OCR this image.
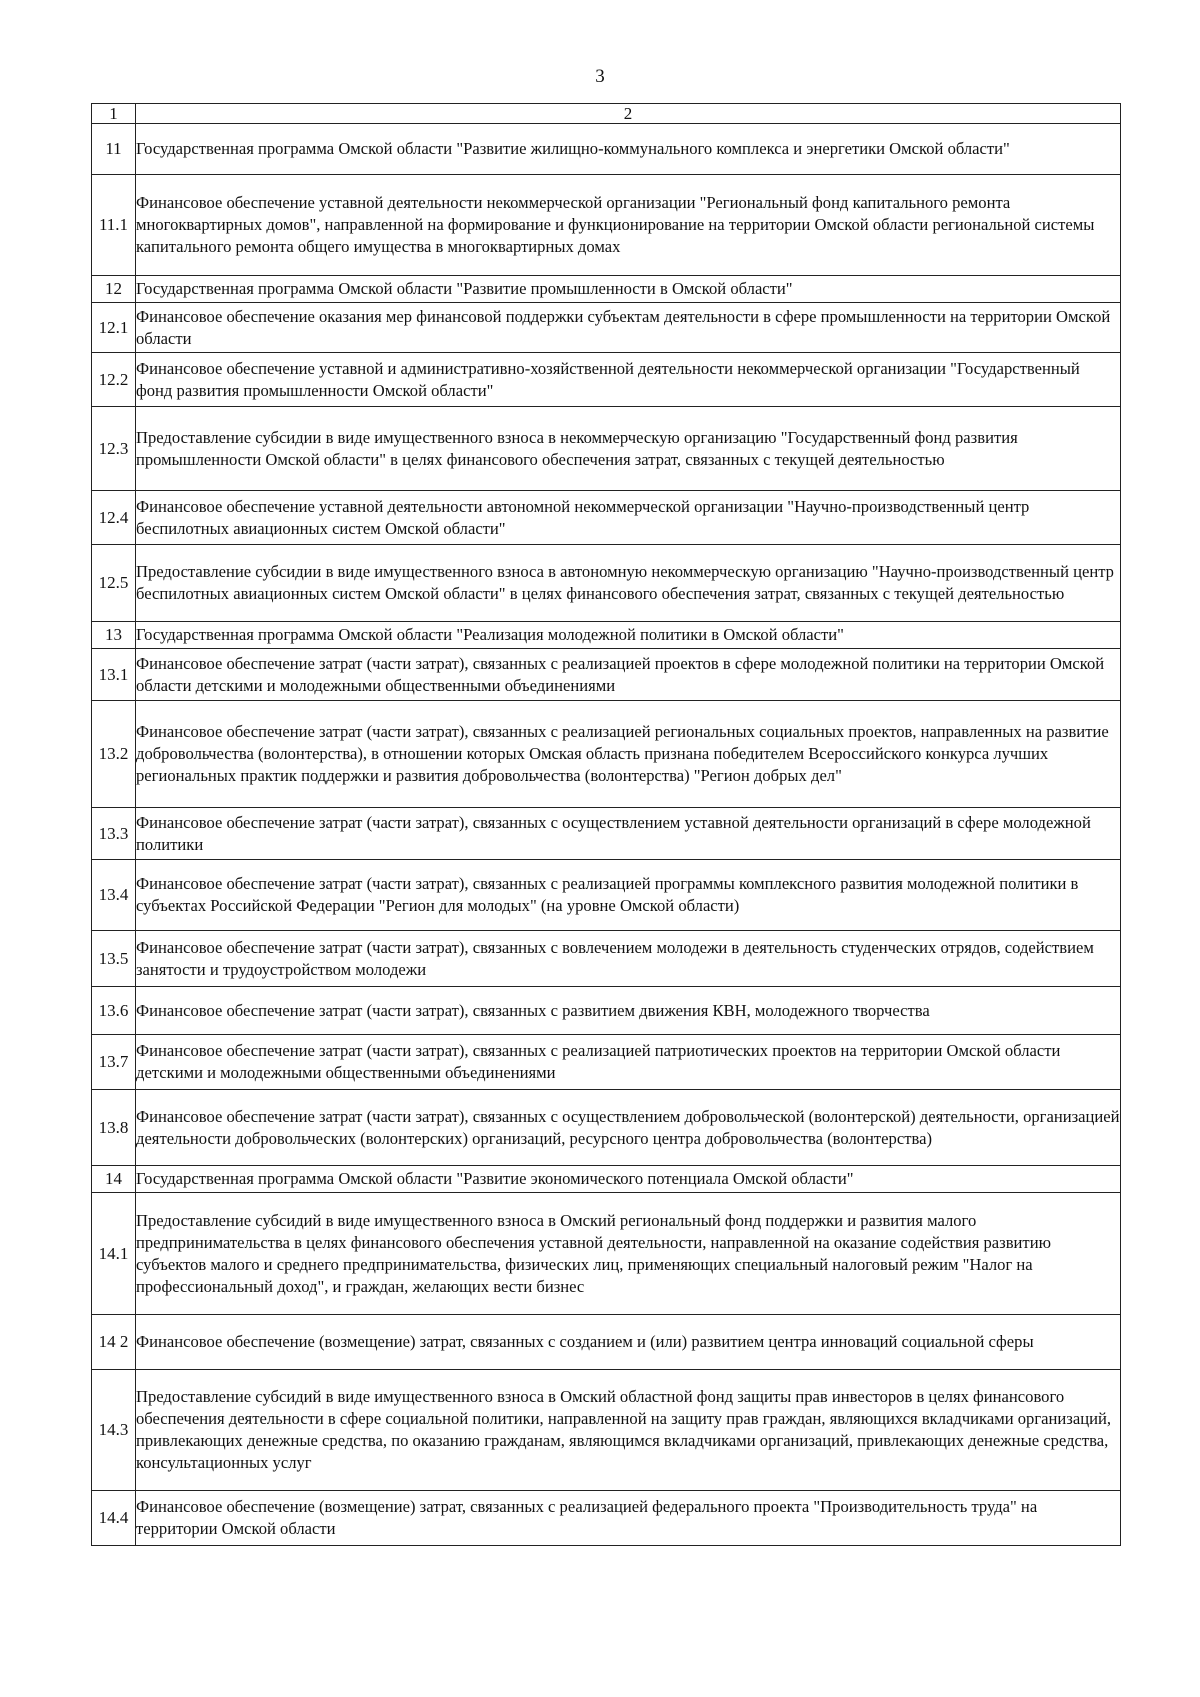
3
1	2
11	Государственная программа Омской области "Развитие жилищно-коммунального комплекса и энергетики Омской области"

11.1	Финансовое обеспечение уставной деятельности некоммерческой организации "Региональный фонд капитального ремонта многоквартирных домов", направленной на формирование и функционирование на территории Омской области региональной системы капитального ремонта общего имущества в многоквартирных домах

12	Государственная программа Омской области "Развитие промышленности в Омской области"

12.1	Финансовое обеспечение оказания мер финансовой поддержки субъектам деятельности в сфере промышленности на территории Омской области

12.2	Финансовое обеспечение уставной и административно-хозяйственной деятельности некоммерческой организации "Государственный фонд развития промышленности Омской области"

12.3	Предоставление субсидии в виде имущественного взноса в некоммерческую организацию "Государственный фонд развития промышленности Омской области" в целях финансового обеспечения затрат, связанных с текущей деятельностью

12.4	Финансовое обеспечение уставной деятельности автономной некоммерческой организации "Научно-производственный центр беспилотных авиационных систем Омской области"

12.5	Предоставление субсидии в виде имущественного взноса в автономную некоммерческую организацию "Научно-производственный центр беспилотных авиационных систем Омской области" в целях финансового обеспечения затрат, связанных с текущей деятельностью

13	Государственная программа Омской области "Реализация молодежной политики в Омской области"

13.1	Финансовое обеспечение затрат (части затрат), связанных с реализацией проектов в сфере молодежной политики на территории Омской области детскими и молодежными общественными объединениями

13.2	Финансовое обеспечение затрат (части затрат), связанных с реализацией региональных социальных проектов, направленных на развитие добровольчества (волонтерства), в отношении которых Омская область признана победителем Всероссийского конкурса лучших региональных практик поддержки и развития добровольчества (волонтерства) "Регион добрых дел"

13.3	Финансовое обеспечение затрат (части затрат), связанных с осуществлением уставной деятельности организаций в сфере молодежной политики

13.4	Финансовое обеспечение затрат (части затрат), связанных с реализацией программы комплексного развития молодежной политики в субъектах Российской Федерации "Регион для молодых" (на уровне Омской области)

13.5	Финансовое обеспечение затрат (части затрат), связанных с вовлечением молодежи в деятельность студенческих отрядов, содействием занятости и трудоустройством молодежи

13.6	Финансовое обеспечение затрат (части затрат), связанных с развитием движения КВН, молодежного творчества

13.7	Финансовое обеспечение затрат (части затрат), связанных с реализацией патриотических проектов на территории Омской области детскими и молодежными общественными объединениями

13.8	Финансовое обеспечение затрат (части затрат), связанных с осуществлением добровольческой (волонтерской) деятельности, организацией деятельности добровольческих (волонтерских) организаций, ресурсного центра добровольчества (волонтерства)

14	Государственная программа Омской области "Развитие экономического потенциала Омской области"

14.1	Предоставление субсидий в виде имущественного взноса в Омский региональный фонд поддержки и развития малого предпринимательства в целях финансового обеспечения уставной деятельности, направленной на оказание содействия развитию субъектов малого и среднего предпринимательства, физических лиц, применяющих специальный налоговый режим "Налог на профессиональный доход", и граждан, желающих вести бизнес

14 2	Финансовое обеспечение (возмещение) затрат, связанных с созданием и (или) развитием центра инноваций социальной сферы

14.3	Предоставление субсидий в виде имущественного взноса в Омский областной фонд защиты прав инвесторов в целях финансового обеспечения деятельности в сфере социальной политики, направленной на защиту прав граждан, являющихся вкладчиками организаций, привлекающих денежные средства, по оказанию гражданам, являющимся вкладчиками организаций, привлекающих денежные средства, консультационных услуг

14.4	Финансовое обеспечение (возмещение) затрат, связанных с реализацией федерального проекта "Производительность труда" на территории Омской области
